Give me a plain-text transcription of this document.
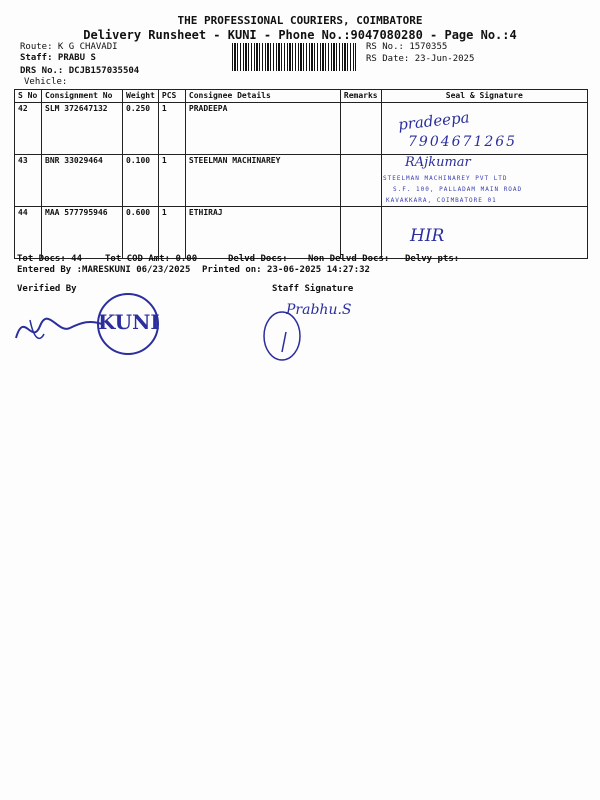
THE PROFESSIONAL COURIERS, COIMBATORE
Delivery Runsheet - KUNI - Phone No.:9047080280 - Page No.:4
Route: K G CHAVADI
Staff: PRABU S
DRS No.: DCJB157035504
Vehicle:
RS No.: 1570355
RS Date: 23-Jun-2025
S No	Consignment No	Weight	PCS	Consignee Details	Remarks	Seal & Signature
42	SLM 372647132	0.250	1	PRADEEPA		
43	BNR 33029464	0.100	1	STEELMAN MACHINAREY		
44	MAA 577795946	0.600	1	ETHIRAJ		
pradeepa
7904671265
RAjkumar
STEELMAN MACHINAREY PVT LTD
S.F. 100, PALLADAM MAIN ROAD
KAVAKKARA, COIMBATORE 01
HIR
Tot Docs: 44	Tot COD Amt: 0.00	Delvd Docs: Non Delvd Docs: Delvy pts:
Entered By :MARESKUNI 06/23/2025 Printed on: 23-06-2025 14:27:32
Verified By	Staff Signature
KUNI	Prabhu.S
